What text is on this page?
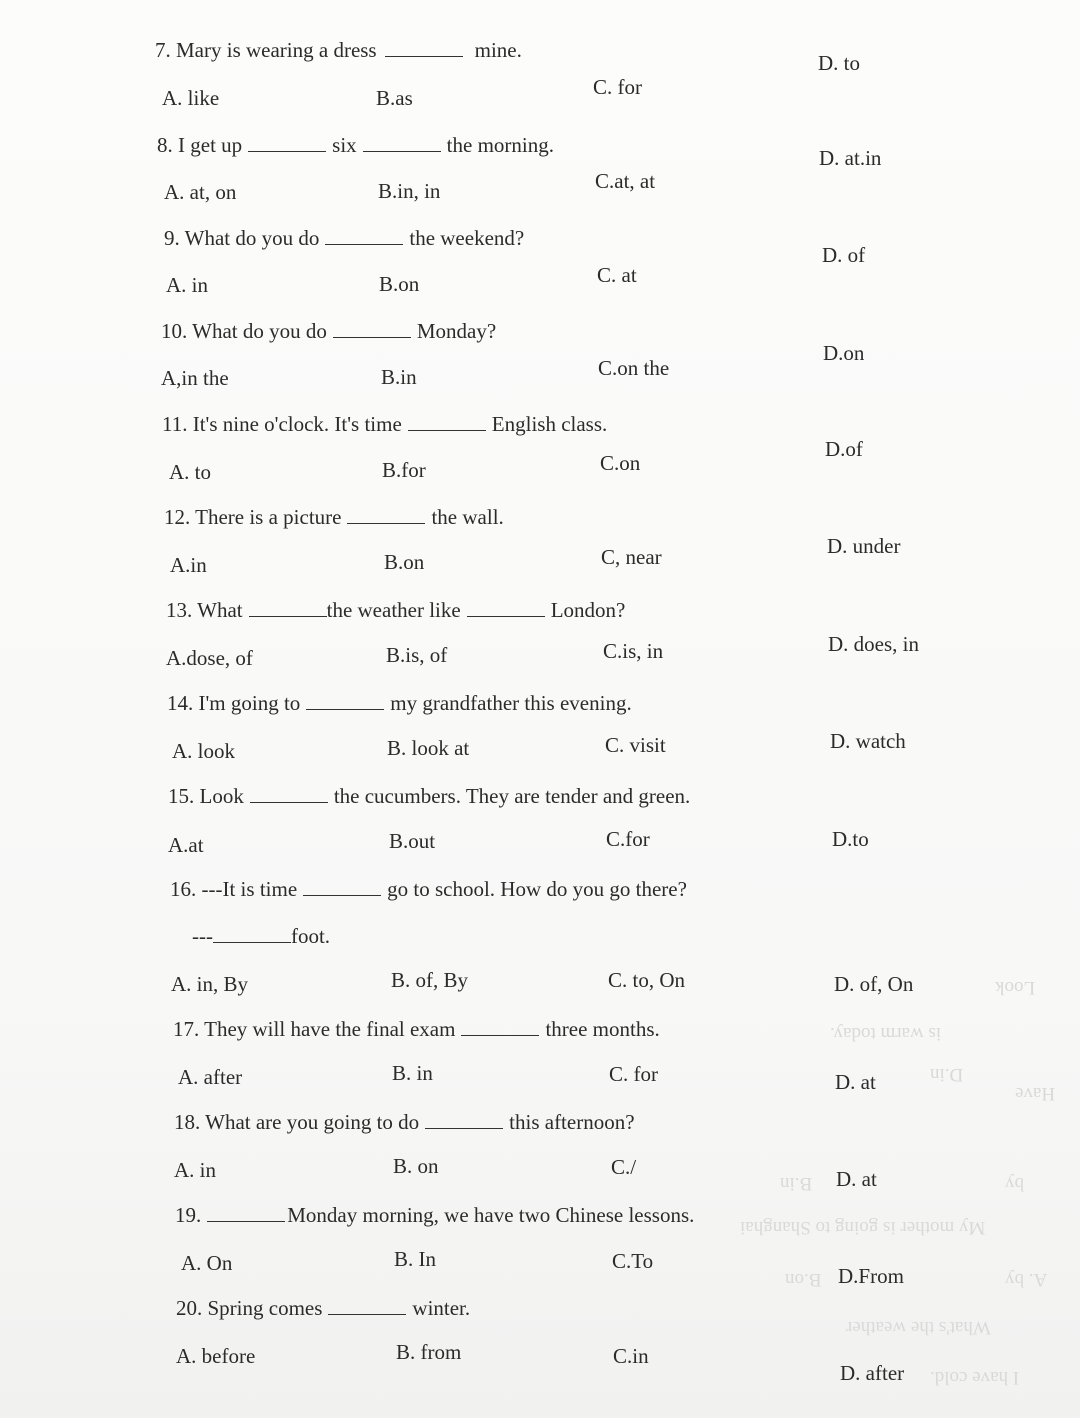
is warm today.
Look
My mother is going to Shanghai
What's the weather
I have cold.
Have
B.on
D.in
A. by
by
B.in
7. Mary is wearing a dress	mine.
A. like	B.as	C. for
D. to
8. I get up	six	the morning.
A. at, on	B.in, in	C.at, at
D. at.in
9. What do you do	the weekend?
A. in	B.on	C. at
D. of
10. What do you do	Monday?
A,in the	B.in	C.on the
D.on
11. It's nine o'clock. It's time	English class.
A. to	B.for	C.on
D.of
12. There is a picture	the wall.
A.in	B.on	C, near	D. under
13. What	the weather like	London?
A.dose, of	B.is, of	C.is, in	D. does, in
14. I'm going to	my grandfather this evening.
A. look	B. look at	C. visit	D. watch
15. Look	the cucumbers. They are tender and green.
A.at	B.out	C.for	D.to
16. ---It is time	go to school. How do you go there?
---	foot.
A. in, By	B. of, By	C. to, On	D. of, On
17. They will have the final exam	three months.
A. after	B. in	C. for	D. at
18. What are you going to do	this afternoon?
A. in	B. on	C./	D. at
19.	Monday morning, we have two Chinese lessons.
A. On	B. In	C.To
D.From
20. Spring comes	winter.
A. before	B. from	C.in
D. after
